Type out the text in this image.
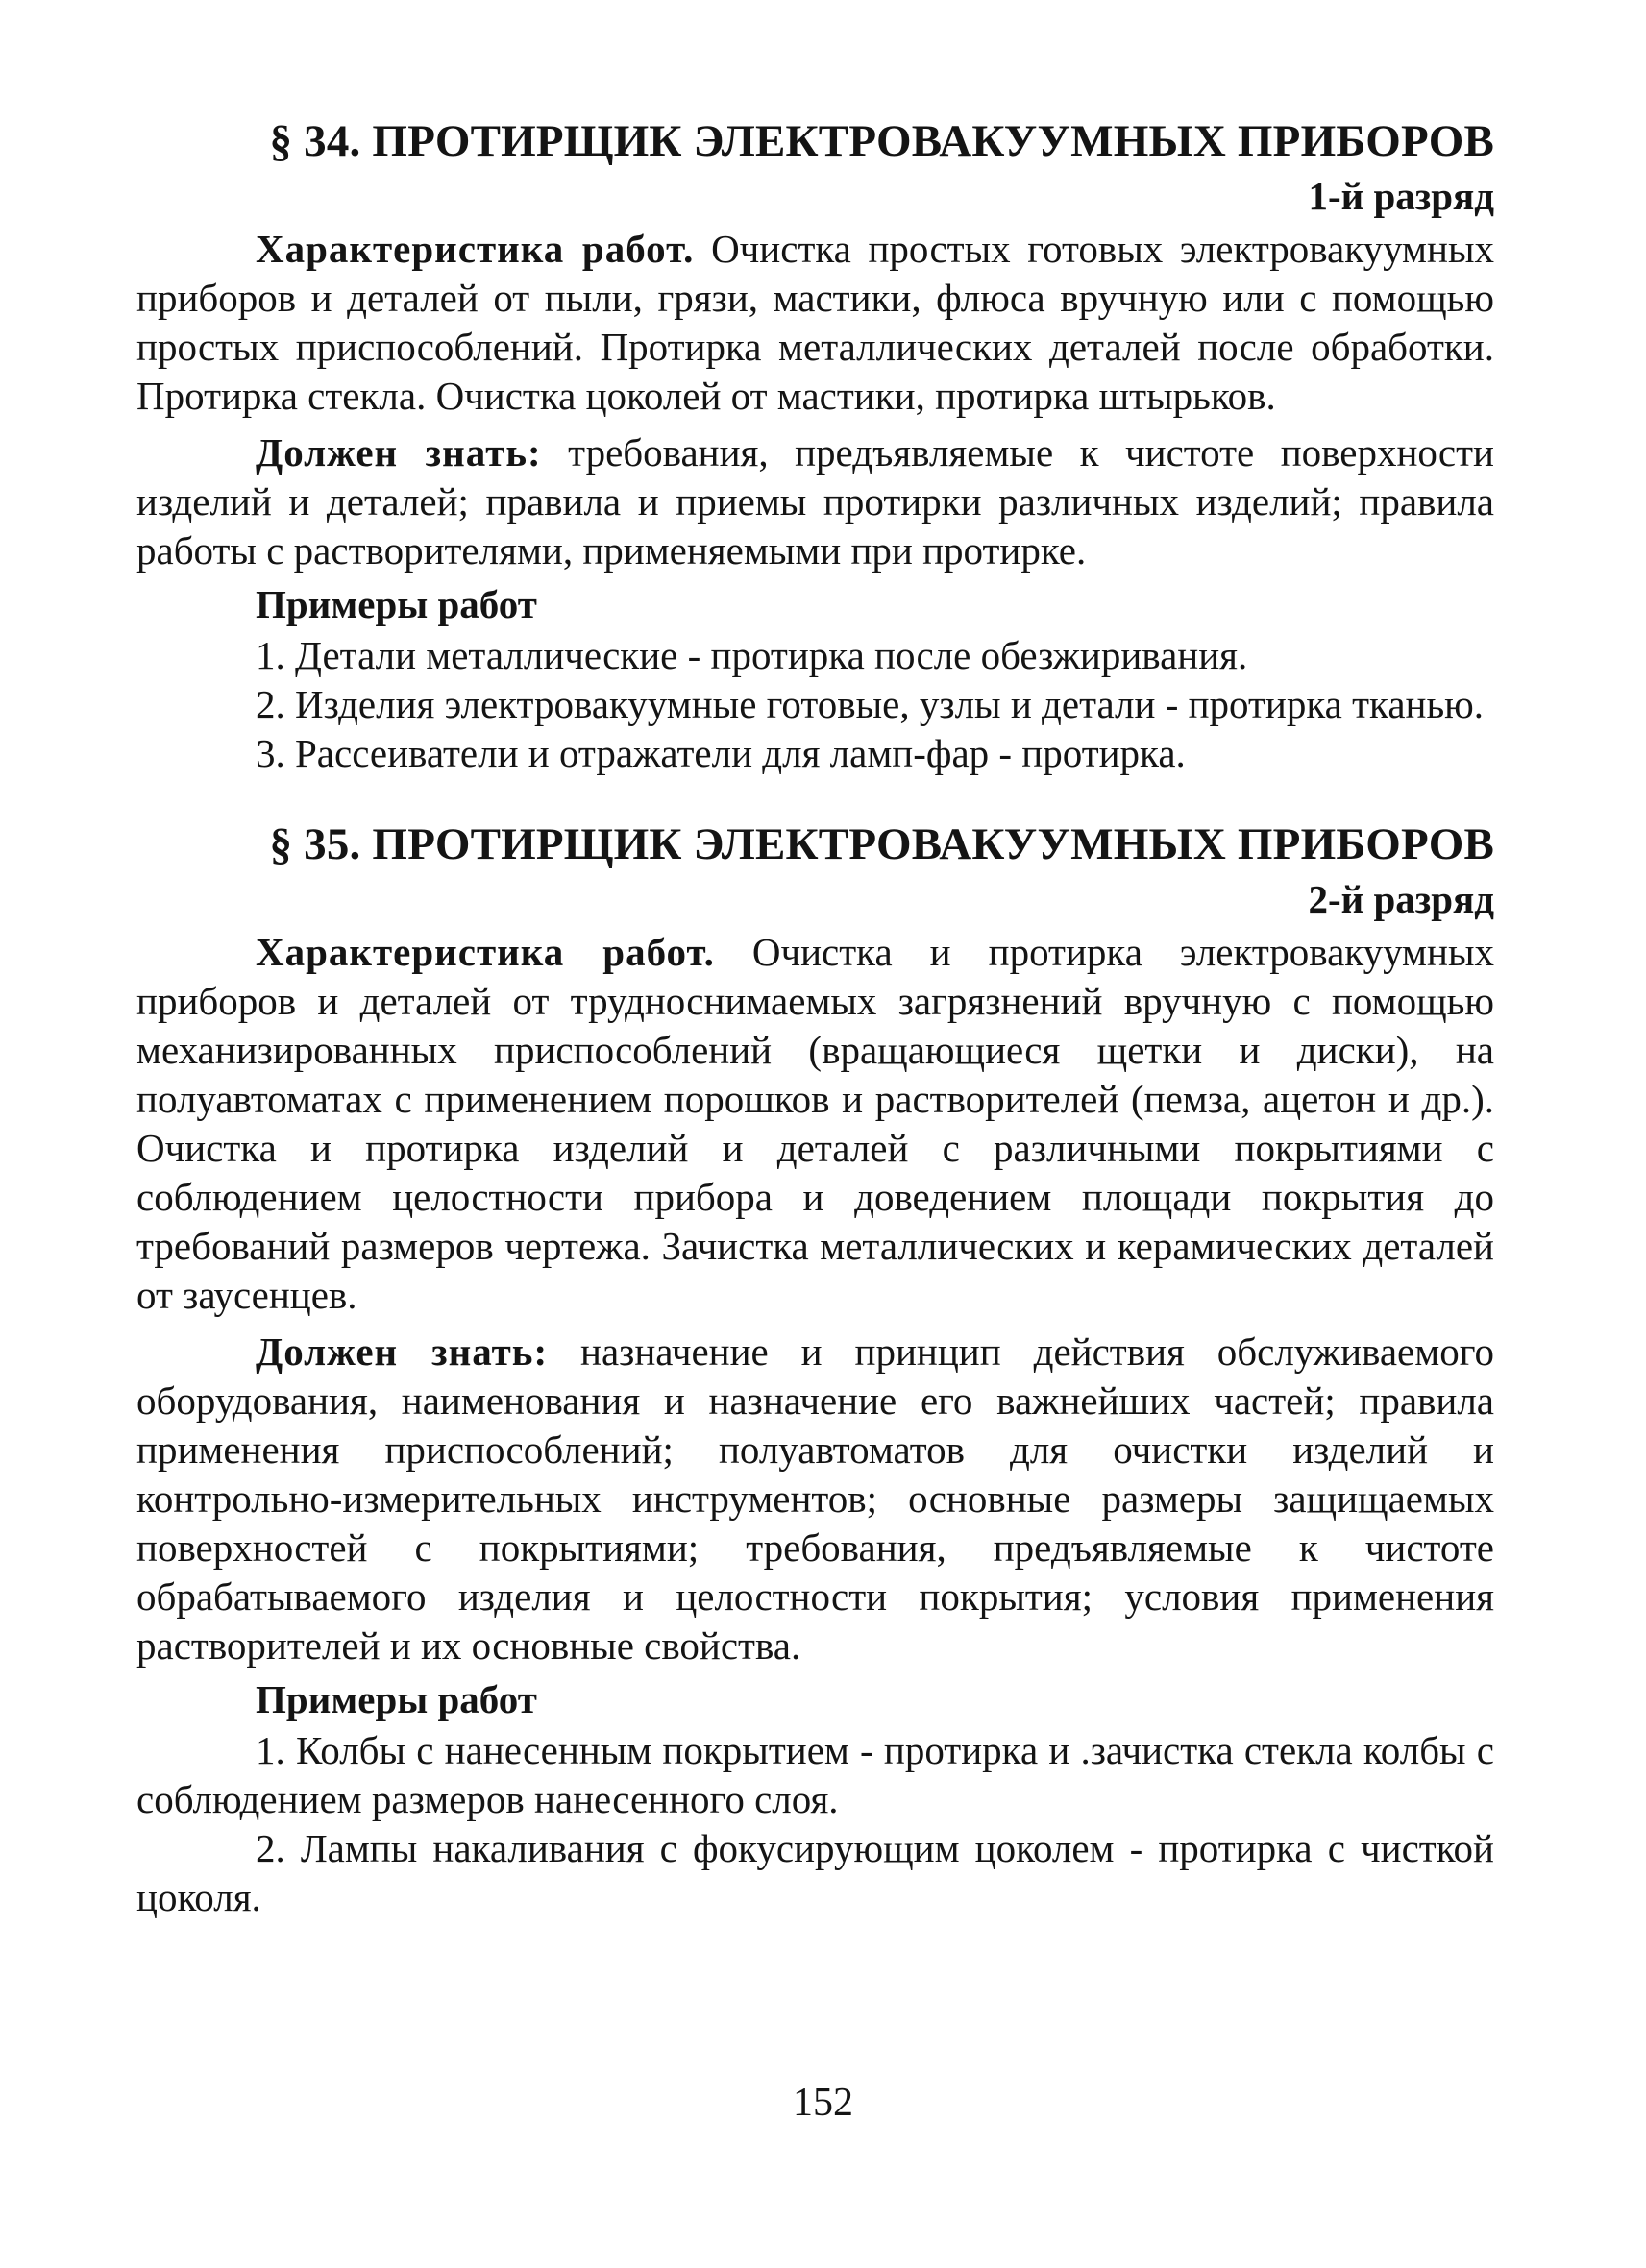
§ 34. ПРОТИРЩИК ЭЛЕКТРОВАКУУМНЫХ ПРИБОРОВ
1-й разряд

Характеристика работ. Очистка простых готовых электровакуумных приборов и деталей от пыли, грязи, мастики, флюса вручную или с помощью простых приспособлений. Протирка металлических деталей после обработки. Протирка стекла. Очистка цоколей от мастики, протирка штырьков.

Должен знать: требования, предъявляемые к чистоте поверхности изделий и деталей; правила и приемы протирки различных изделий; правила работы с растворителями, применяемыми при протирке.

Примеры работ

1. Детали металлические - протирка после обезжиривания.

2. Изделия электровакуумные готовые, узлы и детали - протирка тканью.

3. Рассеиватели и отражатели для ламп-фар - протирка.

§ 35. ПРОТИРЩИК ЭЛЕКТРОВАКУУМНЫХ ПРИБОРОВ
2-й разряд

Характеристика работ. Очистка и протирка электровакуумных приборов и деталей от трудноснимаемых загрязнений вручную с помощью механизированных приспособлений (вращающиеся щетки и диски), на полуавтоматах с применением порошков и растворителей (пемза, ацетон и др.). Очистка и протирка изделий и деталей с различными покрытиями с соблюдением целостности прибора и доведением площади покрытия до требований размеров чертежа. Зачистка металлических и керамических деталей от заусенцев.

Должен знать: назначение и принцип действия обслуживаемого оборудования, наименования и назначение его важнейших частей; правила применения приспособлений; полуавтоматов для очистки изделий и контрольно-измерительных инструментов; основные размеры защищаемых поверхностей с покрытиями; требования, предъявляемые к чистоте обрабатываемого изделия и целостности покрытия; условия применения растворителей и их основные свойства.

Примеры работ

1. Колбы с нанесенным покрытием - протирка и .зачистка стекла колбы с соблюдением размеров нанесенного слоя.

2. Лампы накаливания с фокусирующим цоколем - протирка с чисткой цоколя.

152
